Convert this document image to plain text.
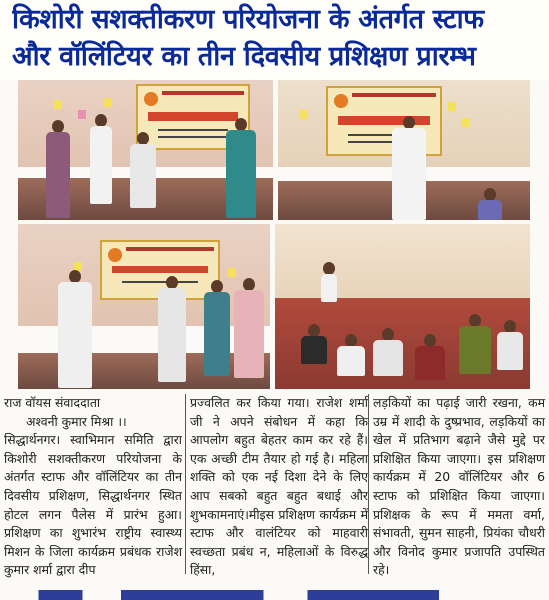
किशोरी सशक्तीकरण परियोजना के अंतर्गत स्टाफ
और वॉलिंटियर का तीन दिवसीय प्रशिक्षण प्रारम्भ
राज वॉयस संवाददाता
अश्वनी कुमार मिश्रा ।।
सिद्धार्थनगर। स्वाभिमान समिति द्वारा किशोरी सशक्तीकरण परियोजना के अंतर्गत स्टाफ और वॉलिंटियर का तीन दिवसीय प्रशिक्षण, सिद्धार्थनगर स्थित होटल लगन पैलेस में प्रारंभ हुआ। प्रशिक्षण का शुभारंभ राष्ट्रीय स्वास्थ्य मिशन के जिला कार्यक्रम प्रबंधक राजेश कुमार शर्मा द्वारा दीप
प्रज्वलित कर किया गया। राजेश शर्मा जी ने अपने संबोधन में कहा कि आपलोग बहुत बेहतर काम कर रहे हैं। एक अच्छी टीम तैयार हो गई है। महिला शक्ति को एक नई दिशा देने के लिए आप सबको बहुत बहुत बधाई और शुभकामनाएं।मीइस प्रशिक्षण कार्यक्रम में स्टाफ और वालंटियर को माहवारी स्वच्छता प्रबंध न, महिलाओं के विरुद्ध हिंसा,
लड़कियों का पढ़ाई जारी रखना, कम उम्र में शादी के दुष्प्रभाव, लड़कियों का खेल में प्रतिभाग बढ़ाने जैसे मुद्दे पर प्रशिक्षित किया जाएगा। इस प्रशिक्षण कार्यक्रम में 20 वॉलिंटियर और 6 स्टाफ को प्रशिक्षित किया जाएगा। प्रशिक्षक के रूप में ममता वर्मा, संभावती, सुमन साहनी, प्रियंका चौधरी और विनोद कुमार प्रजापति उपस्थित रहे।
